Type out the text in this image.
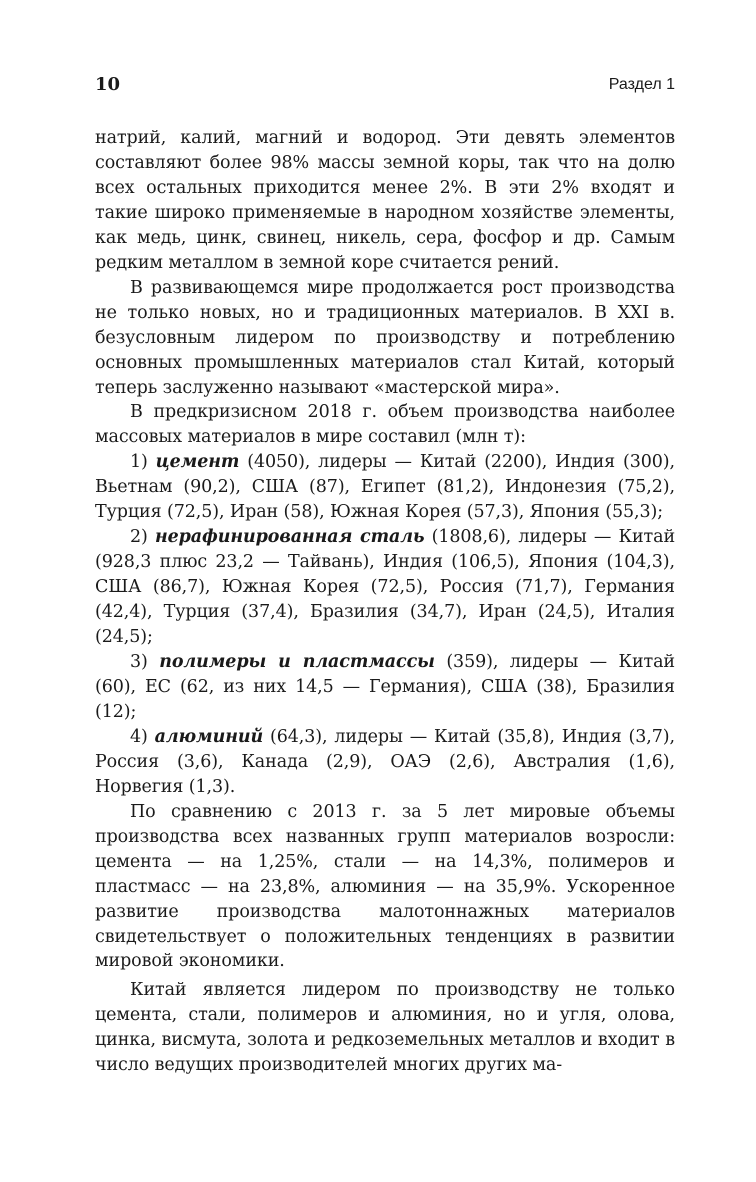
10	Раздел 1

натрий, калий, магний и водород. Эти девять элементов составляют более 98% массы земной коры, так что на долю всех остальных приходится менее 2%. В эти 2% входят и такие широко применяемые в народном хозяйстве элементы, как медь, цинк, свинец, никель, сера, фосфор и др. Самым редким металлом в земной коре считается рений.

В развивающемся мире продолжается рост производства не только новых, но и традиционных материалов. В XXI в. безусловным лидером по производству и потреблению основных промышленных материалов стал Китай, который теперь заслуженно называют «мастерской мира».

В предкризисном 2018 г. объем производства наиболее массовых материалов в мире составил (млн т):

1) цемент (4050), лидеры — Китай (2200), Индия (300), Вьетнам (90,2), США (87), Египет (81,2), Индонезия (75,2), Турция (72,5), Иран (58), Южная Корея (57,3), Япония (55,3);

2) нерафинированная сталь (1808,6), лидеры — Китай (928,3 плюс 23,2 — Тайвань), Индия (106,5), Япония (104,3), США (86,7), Южная Корея (72,5), Россия (71,7), Германия (42,4), Турция (37,4), Бразилия (34,7), Иран (24,5), Италия (24,5);

3) полимеры и пластмассы (359), лидеры — Китай (60), ЕС (62, из них 14,5 — Германия), США (38), Бразилия (12);

4) алюминий (64,3), лидеры — Китай (35,8), Индия (3,7), Россия (3,6), Канада (2,9), ОАЭ (2,6), Австралия (1,6), Норвегия (1,3).

По сравнению с 2013 г. за 5 лет мировые объемы производства всех названных групп материалов возросли: цемента — на 1,25%, стали — на 14,3%, полимеров и пластмасс — на 23,8%, алюминия — на 35,9%. Ускоренное развитие производства малотоннажных материалов свидетельствует о положительных тенденциях в развитии мировой экономики.

Китай является лидером по производству не только цемента, стали, полимеров и алюминия, но и угля, олова, цинка, висмута, золота и редкоземельных металлов и входит в число ведущих производителей многих других ма-
